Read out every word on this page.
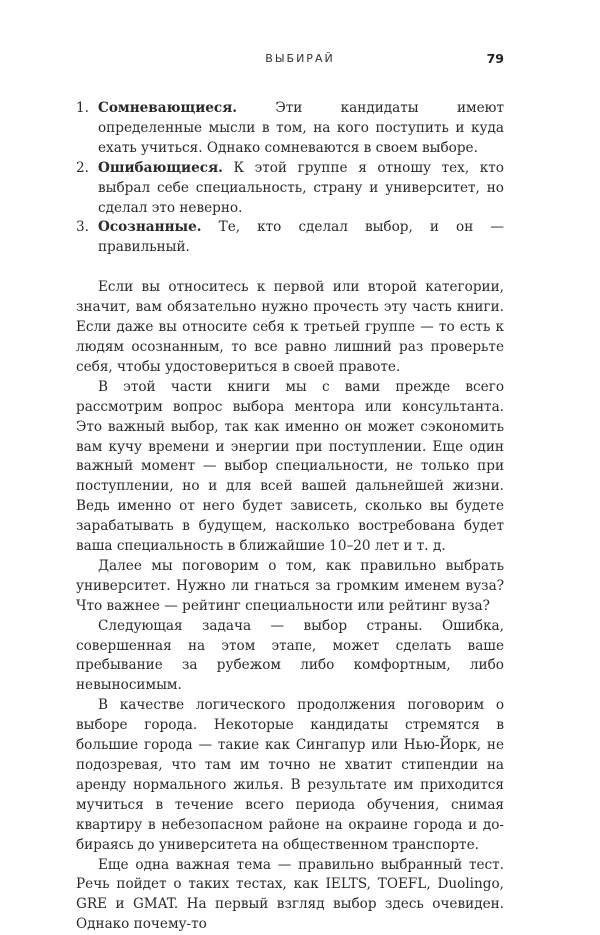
ВЫБИРАЙ	79
1. Сомневающиеся.	Эти кандидаты имеют определенные мысли в том, на кого поступить и куда ехать учиться. Однако сомневаются в своем выборе.
2. Ошибающиеся. К этой группе я отношу тех, кто выбрал себе специальность, страну и университет, но сделал это неверно.
3. Осознанные. Те, кто сделал выбор, и он — правильный.

Если вы относитесь к первой или второй категории, значит, вам обязательно нужно прочесть эту часть книги. Если даже вы относите себя к третьей группе — то есть к людям осознанным, то все равно лишний раз проверьте себя, чтобы удостовериться в своей правоте.

В этой части книги мы с вами прежде всего рассмотрим вопрос выбора ментора или консультанта. Это важный выбор, так как именно он может сэкономить вам кучу времени и энергии при поступлении. Еще один важный момент — выбор специальности, не только при поступлении, но и для всей вашей дальнейшей жизни. Ведь именно от него будет зависеть, сколько вы будете зарабатывать в будущем, насколько востребована будет ваша специальность в ближайшие 10–20 лет и т. д.

Далее мы поговорим о том, как правильно выбрать университет. Нужно ли гнаться за громким именем вуза? Что важнее — рейтинг специальности или рейтинг вуза?

Следующая задача — выбор страны. Ошибка, совершенная на этом этапе, может сделать ваше пребывание за рубежом либо комфортным, либо невыносимым.

В качестве логического продолжения поговорим о выборе города. Некоторые кандидаты стремятся в большие города — такие как Сингапур или Нью-Йорк, не подозревая, что там им точно не хватит стипендии на аренду нормального жилья. В результате им приходится мучиться в течение всего периода обучения, снимая квартиру в небезопасном районе на окраине города и добираясь до университета на общественном транспорте.

Еще одна важная тема — правильно выбранный тест. Речь пойдет о таких тестах, как IELTS, TOEFL, Duolingo, GRE и GMAT. На первый взгляд выбор здесь очевиден. Однако почему-то
